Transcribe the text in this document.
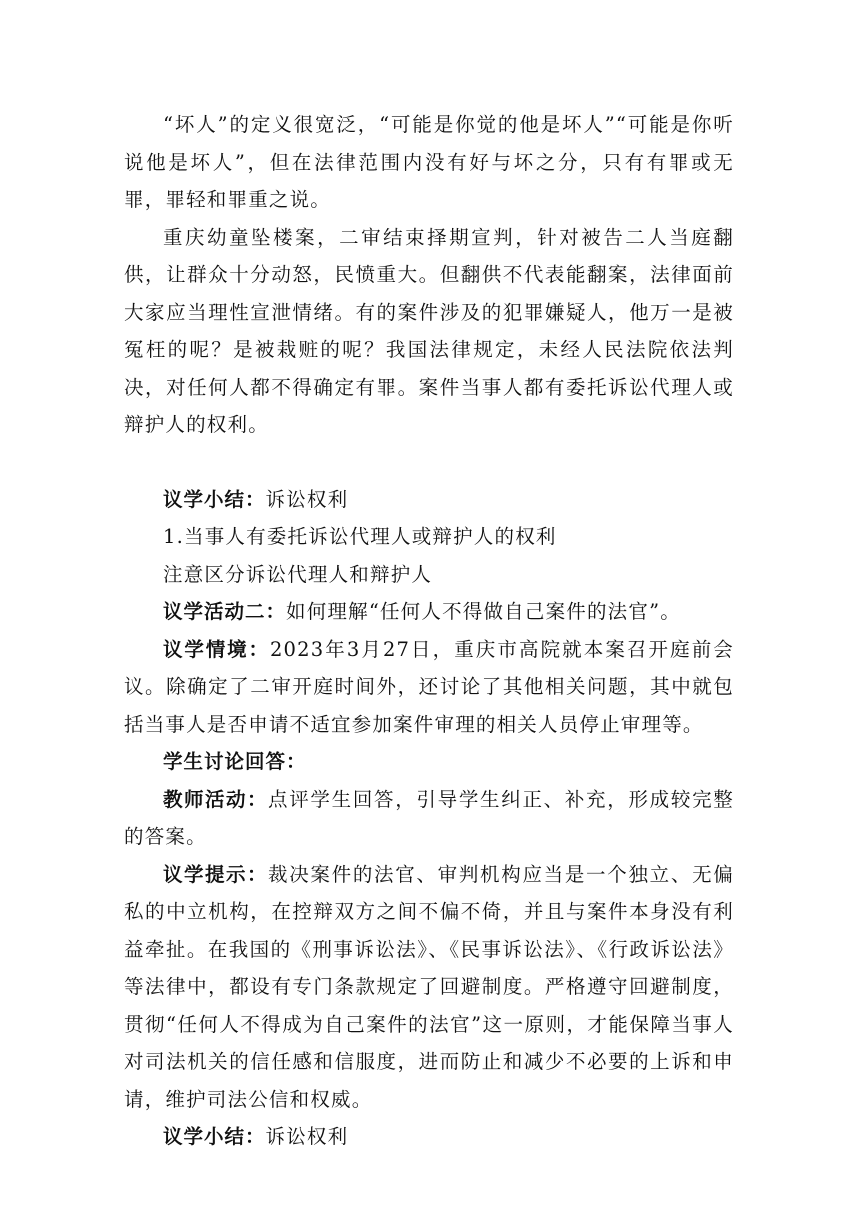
“坏人”的定义很宽泛，“可能是你觉的他是坏人”“可能是你听说他是坏人”，但在法律范围内没有好与坏之分，只有有罪或无罪，罪轻和罪重之说。

重庆幼童坠楼案，二审结束择期宣判，针对被告二人当庭翻供，让群众十分动怒，民愤重大。但翻供不代表能翻案，法律面前大家应当理性宣泄情绪。有的案件涉及的犯罪嫌疑人，他万一是被冤枉的呢？是被栽赃的呢？我国法律规定，未经人民法院依法判决，对任何人都不得确定有罪。案件当事人都有委托诉讼代理人或辩护人的权利。

议学小结：诉讼权利

1.当事人有委托诉讼代理人或辩护人的权利

注意区分诉讼代理人和辩护人

议学活动二：如何理解“任何人不得做自己案件的法官”。

议学情境：2023年3月27日，重庆市高院就本案召开庭前会议。除确定了二审开庭时间外，还讨论了其他相关问题，其中就包括当事人是否申请不适宜参加案件审理的相关人员停止审理等。

学生讨论回答：

教师活动：点评学生回答，引导学生纠正、补充，形成较完整的答案。

议学提示：裁决案件的法官、审判机构应当是一个独立、无偏私的中立机构，在控辩双方之间不偏不倚，并且与案件本身没有利益牵扯。在我国的《刑事诉讼法》、《民事诉讼法》、《行政诉讼法》等法律中，都设有专门条款规定了回避制度。严格遵守回避制度，贯彻“任何人不得成为自己案件的法官”这一原则，才能保障当事人对司法机关的信任感和信服度，进而防止和减少不必要的上诉和申请，维护司法公信和权威。

议学小结：诉讼权利
